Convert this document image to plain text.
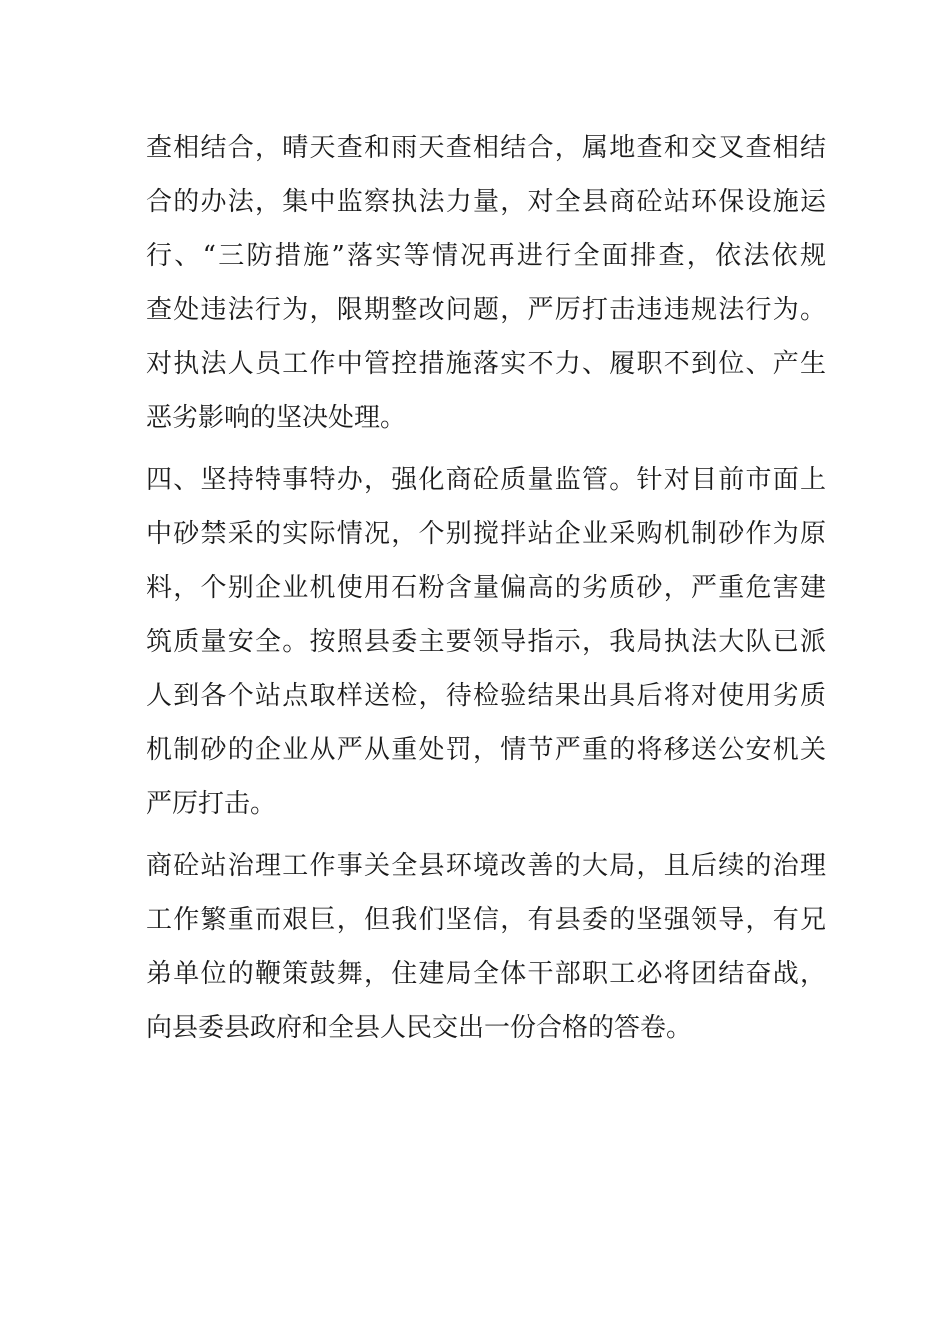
查相结合，晴天查和雨天查相结合，属地查和交叉查相结
合的办法，集中监察执法力量，对全县商砼站环保设施运
行、“三防措施”落实等情况再进行全面排查，依法依规
查处违法行为，限期整改问题，严厉打击违违规法行为。
对执法人员工作中管控措施落实不力、履职不到位、产生
恶劣影响的坚决处理。
四、坚持特事特办，强化商砼质量监管。针对目前市面上
中砂禁采的实际情况，个别搅拌站企业采购机制砂作为原
料，个别企业机使用石粉含量偏高的劣质砂，严重危害建
筑质量安全。按照县委主要领导指示，我局执法大队已派
人到各个站点取样送检，待检验结果出具后将对使用劣质
机制砂的企业从严从重处罚，情节严重的将移送公安机关
严厉打击。
商砼站治理工作事关全县环境改善的大局，且后续的治理
工作繁重而艰巨，但我们坚信，有县委的坚强领导，有兄
弟单位的鞭策鼓舞，住建局全体干部职工必将团结奋战，
向县委县政府和全县人民交出一份合格的答卷。
